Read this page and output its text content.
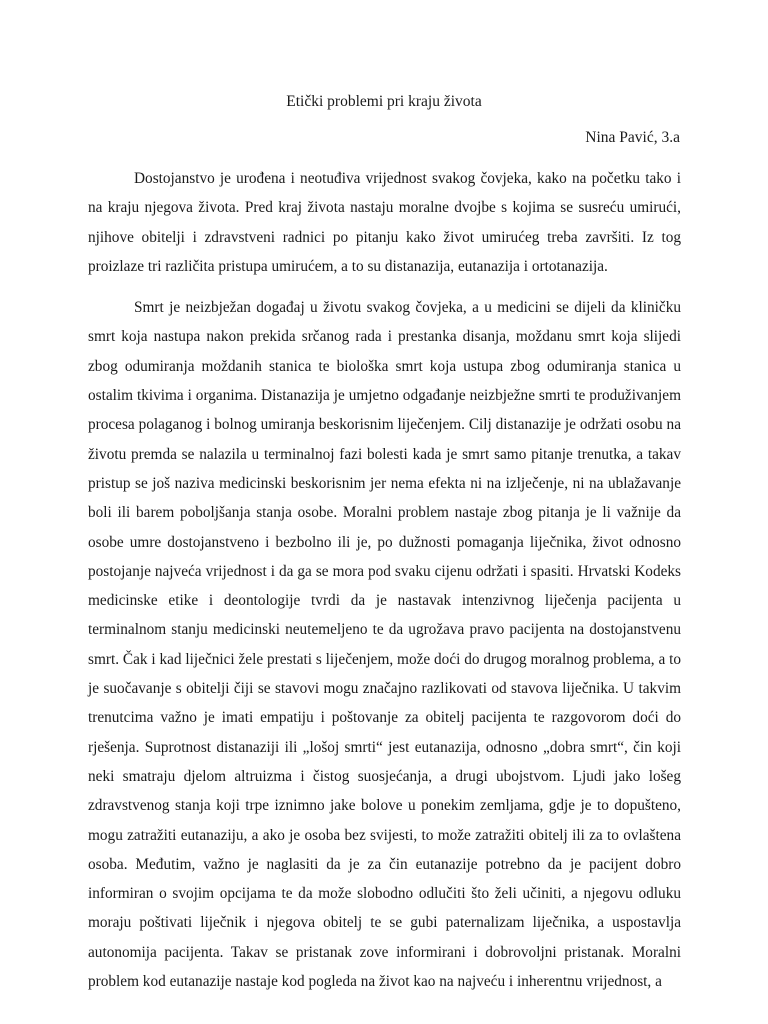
Etički problemi pri kraju života
Nina Pavić, 3.a

Dostojanstvo je urođena i neotuđiva vrijednost svakog čovjeka, kako na početku tako i na kraju njegova života. Pred kraj života nastaju moralne dvojbe s kojima se susreću umirući, njihove obitelji i zdravstveni radnici po pitanju kako život umirućeg treba završiti. Iz tog proizlaze tri različita pristupa umirućem, a to su distanazija, eutanazija i ortotanazija.

Smrt je neizbježan događaj u životu svakog čovjeka, a u medicini se dijeli da kliničku smrt koja nastupa nakon prekida srčanog rada i prestanka disanja, moždanu smrt koja slijedi zbog odumiranja moždanih stanica te biološka smrt koja ustupa zbog odumiranja stanica u ostalim tkivima i organima. Distanazija je umjetno odgađanje neizbježne smrti te produživanjem procesa polaganog i bolnog umiranja beskorisnim liječenjem. Cilj distanazije je održati osobu na životu premda se nalazila u terminalnoj fazi bolesti kada je smrt samo pitanje trenutka, a takav pristup se još naziva medicinski beskorisnim jer nema efekta ni na izlječenje, ni na ublažavanje boli ili barem poboljšanja stanja osobe. Moralni problem nastaje zbog pitanja je li važnije da osobe umre dostojanstveno i bezbolno ili je, po dužnosti pomaganja liječnika, život odnosno postojanje najveća vrijednost i da ga se mora pod svaku cijenu održati i spasiti. Hrvatski Kodeks medicinske etike i deontologije tvrdi da je nastavak intenzivnog liječenja pacijenta u terminalnom stanju medicinski neutemeljeno te da ugrožava pravo pacijenta na dostojanstvenu smrt. Čak i kad liječnici žele prestati s liječenjem, može doći do drugog moralnog problema, a to je suočavanje s obitelji čiji se stavovi mogu značajno razlikovati od stavova liječnika. U takvim trenutcima važno je imati empatiju i poštovanje za obitelj pacijenta te razgovorom doći do rješenja. Suprotnost distanaziji ili „lošoj smrti“ jest eutanazija, odnosno „dobra smrt“, čin koji neki smatraju djelom altruizma i čistog suosjećanja, a drugi ubojstvom. Ljudi jako lošeg zdravstvenog stanja koji trpe iznimno jake bolove u ponekim zemljama, gdje je to dopušteno, mogu zatražiti eutanaziju, a ako je osoba bez svijesti, to može zatražiti obitelj ili za to ovlaštena osoba. Međutim, važno je naglasiti da je za čin eutanazije potrebno da je pacijent dobro informiran o svojim opcijama te da može slobodno odlučiti što želi učiniti, a njegovu odluku moraju poštivati liječnik i njegova obitelj te se gubi paternalizam liječnika, a uspostavlja autonomija pacijenta. Takav se pristanak zove informirani i dobrovoljni pristanak. Moralni problem kod eutanazije nastaje kod pogleda na život kao na najveću i inherentnu vrijednost, a
